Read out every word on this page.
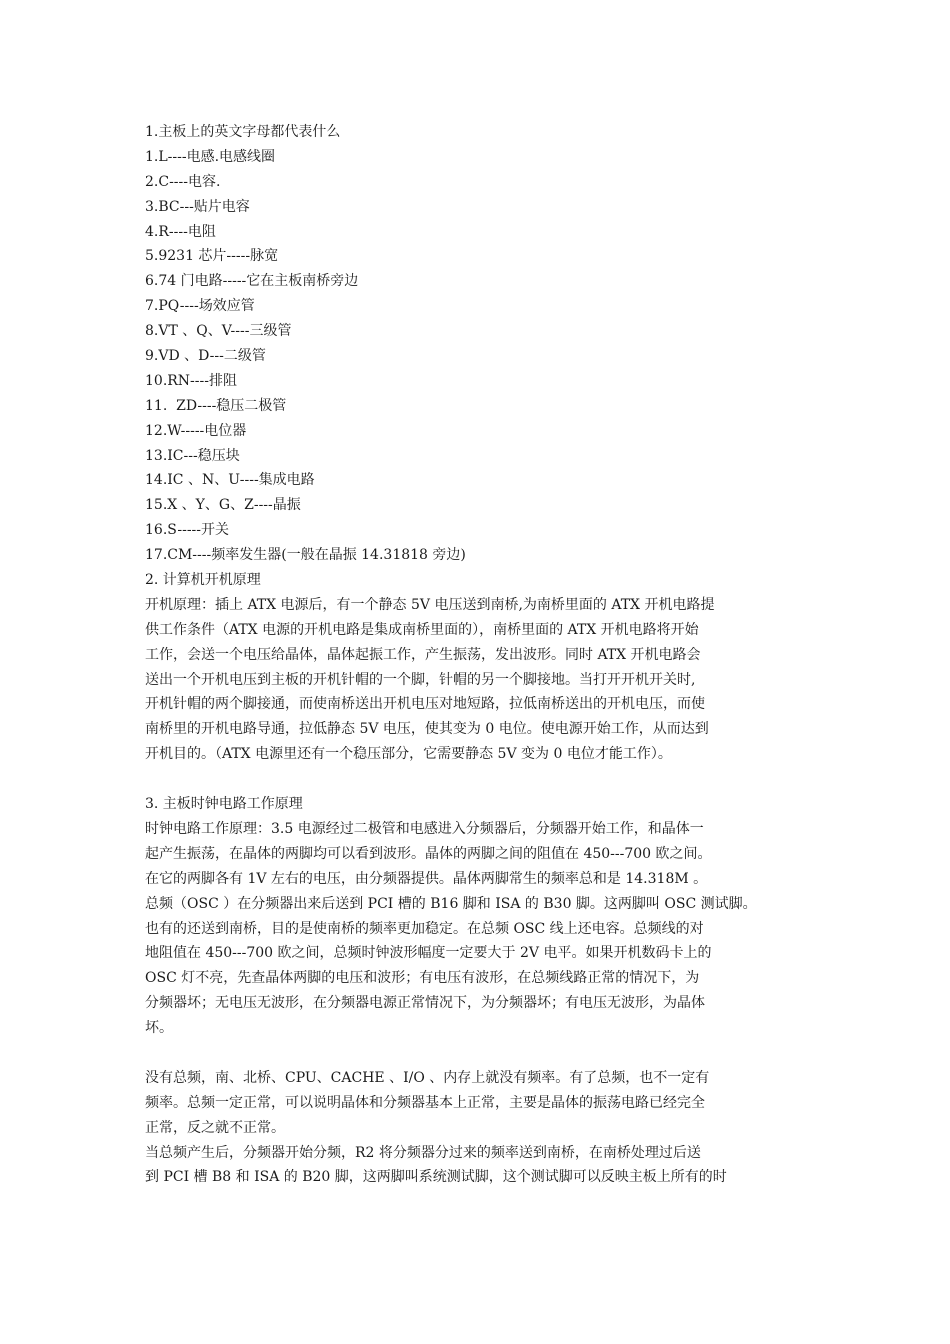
1.主板上的英文字母都代表什么
1.L----电感.电感线圈
2.C----电容.
3.BC---贴片电容
4.R----电阻
5.9231 芯片-----脉宽
6.74 门电路-----它在主板南桥旁边
7.PQ----场效应管
8.VT 、Q、V----三级管
9.VD 、D---二级管
10.RN----排阻
11.  ZD----稳压二极管
12.W-----电位器
13.IC---稳压块
14.IC 、N、U----集成电路
15.X 、Y、G、Z----晶振
16.S-----开关
17.CM----频率发生器(一般在晶振 14.31818 旁边)
2. 计算机开机原理
开机原理：插上 ATX 电源后，有一个静态 5V 电压送到南桥,为南桥里面的 ATX 开机电路提
供工作条件（ATX 电源的开机电路是集成南桥里面的），南桥里面的 ATX 开机电路将开始
工作，会送一个电压给晶体，晶体起振工作，产生振荡，发出波形。同时 ATX 开机电路会
送出一个开机电压到主板的开机针帽的一个脚，针帽的另一个脚接地。当打开开机开关时,
开机针帽的两个脚接通，而使南桥送出开机电压对地短路，拉低南桥送出的开机电压，而使
南桥里的开机电路导通，拉低静态 5V 电压，使其变为 0 电位。使电源开始工作，从而达到
开机目的。（ATX 电源里还有一个稳压部分，它需要静态 5V 变为 0 电位才能工作）。
3. 主板时钟电路工作原理
时钟电路工作原理：3.5 电源经过二极管和电感进入分频器后，分频器开始工作，和晶体一
起产生振荡，在晶体的两脚均可以看到波形。晶体的两脚之间的阻值在 450---700 欧之间。
在它的两脚各有 1V 左右的电压，由分频器提供。晶体两脚常生的频率总和是 14.318M 。
总频（OSC ）在分频器出来后送到 PCI 槽的 B16 脚和 ISA 的 B30 脚。这两脚叫 OSC 测试脚。
也有的还送到南桥，目的是使南桥的频率更加稳定。在总频 OSC 线上还电容。总频线的对
地阻值在 450---700 欧之间，总频时钟波形幅度一定要大于 2V 电平。如果开机数码卡上的
OSC 灯不亮，先查晶体两脚的电压和波形；有电压有波形，在总频线路正常的情况下，为
分频器坏；无电压无波形，在分频器电源正常情况下，为分频器坏；有电压无波形，为晶体
坏。
没有总频，南、北桥、CPU、CACHE 、I/O 、内存上就没有频率。有了总频，也不一定有
频率。总频一定正常，可以说明晶体和分频器基本上正常，主要是晶体的振荡电路已经完全
正常，反之就不正常。
当总频产生后，分频器开始分频，R2 将分频器分过来的频率送到南桥，在南桥处理过后送
到 PCI 槽 B8 和 ISA 的 B20 脚，这两脚叫系统测试脚，这个测试脚可以反映主板上所有的时
